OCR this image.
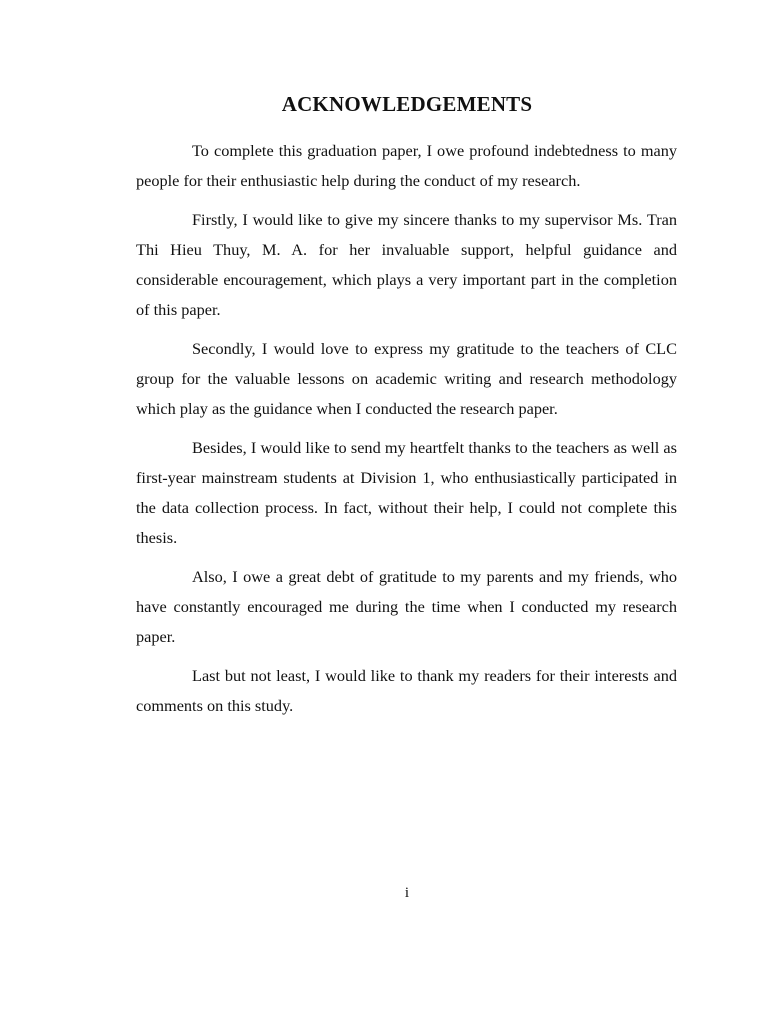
ACKNOWLEDGEMENTS

To complete this graduation paper, I owe profound indebtedness to many people for their enthusiastic help during the conduct of my research.

Firstly, I would like to give my sincere thanks to my supervisor Ms. Tran Thi Hieu Thuy, M. A. for her invaluable support, helpful guidance and considerable encouragement, which plays a very important part in the completion of this paper.

Secondly, I would love to express my gratitude to the teachers of CLC group for the valuable lessons on academic writing and research methodology which play as the guidance when I conducted the research paper.

Besides, I would like to send my heartfelt thanks to the teachers as well as first-year mainstream students at Division 1, who enthusiastically participated in the data collection process. In fact, without their help, I could not complete this thesis.

Also, I owe a great debt of gratitude to my parents and my friends, who have constantly encouraged me during the time when I conducted my research paper.

Last but not least, I would like to thank my readers for their interests and comments on this study.

i
